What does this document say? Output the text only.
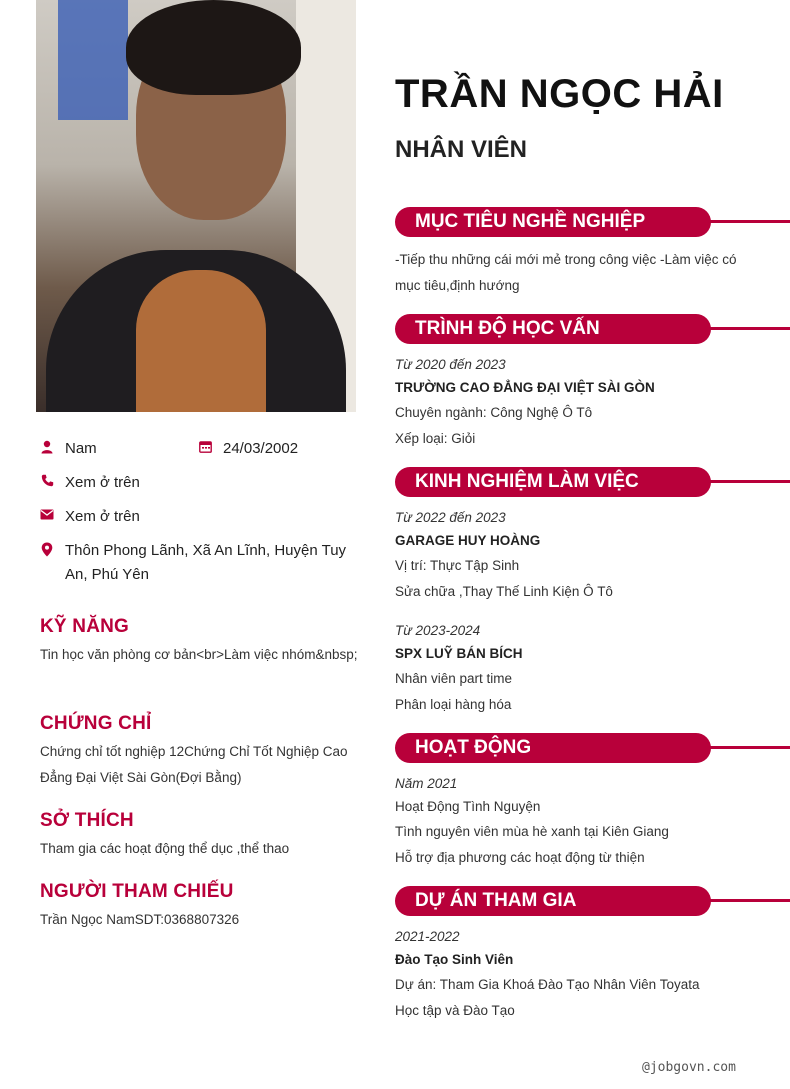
Nam	24/03/2002
Xem ở trên
Xem ở trên
Thôn Phong Lãnh, Xã An Lĩnh, Huyện Tuy An, Phú Yên
KỸ NĂNG
Tin học văn phòng cơ bản<br>Làm việc nhóm&nbsp;
CHỨNG CHỈ
Chứng chỉ tốt nghiệp 12Chứng Chỉ Tốt Nghiệp Cao Đẳng Đại Việt Sài Gòn(Đợi Bằng)
SỞ THÍCH
Tham gia các hoạt động thể dục ,thể thao
NGƯỜI THAM CHIẾU
Trần Ngọc NamSDT:0368807326
TRẦN NGỌC HẢI
NHÂN VIÊN
MỤC TIÊU NGHỀ NGHIỆP
-Tiếp thu những cái mới mẻ trong công việc -Làm việc có mục tiêu,định hướng
TRÌNH ĐỘ HỌC VẤN
Từ 2020 đến 2023
TRƯỜNG CAO ĐẲNG ĐẠI VIỆT SÀI GÒN
Chuyên ngành: Công Nghệ Ô Tô
Xếp loại: Giỏi
KINH NGHIỆM LÀM VIỆC
Từ 2022 đến 2023
GARAGE HUY HOÀNG
Vị trí: Thực Tập Sinh
Sửa chữa ,Thay Thế Linh Kiện Ô Tô
Từ 2023-2024
SPX LUỸ BÁN BÍCH
Nhân viên part time
Phân loại hàng hóa
HOẠT ĐỘNG
Năm 2021
Hoạt Động Tình Nguyện
Tình nguyên viên mùa hè xanh tại Kiên Giang
Hỗ trợ địa phương các hoạt động từ thiện
DỰ ÁN THAM GIA
2021-2022
Đào Tạo Sinh Viên
Dự án: Tham Gia Khoá Đào Tạo Nhân Viên Toyata
Học tập và Đào Tạo
@jobgovn.com
